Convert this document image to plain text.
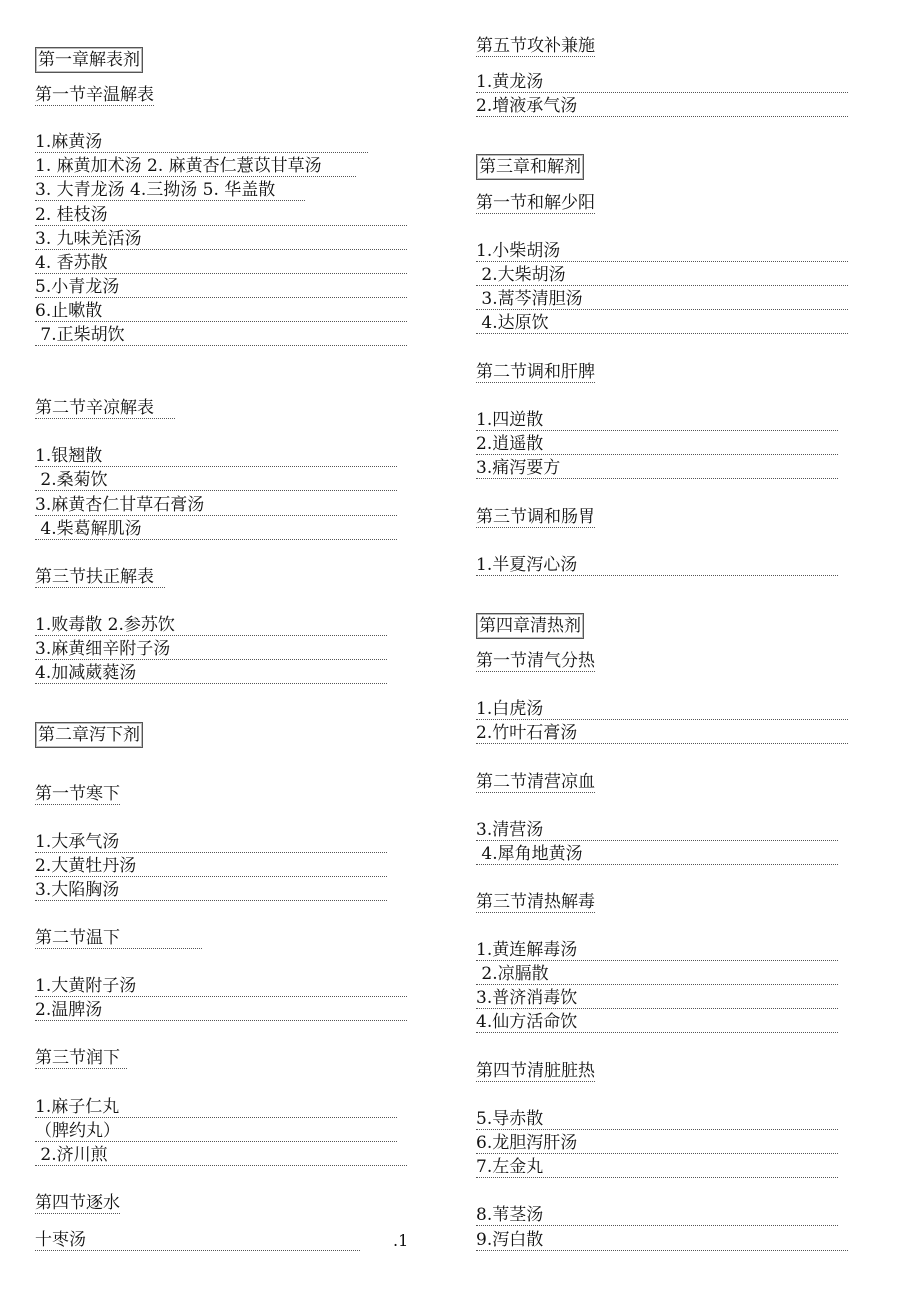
第一章解表剂
第一节辛温解表
1.麻黄汤
1. 麻黄加术汤 2. 麻黄杏仁薏苡甘草汤
3. 大青龙汤 4.三拗汤 5. 华盖散
2. 桂枝汤
3. 九味羌活汤
4. 香苏散
5.小青龙汤
6.止嗽散
7.正柴胡饮
第二节辛凉解表
1.银翘散
2.桑菊饮
3.麻黄杏仁甘草石膏汤
4.柴葛解肌汤
第三节扶正解表
1.败毒散 2.参苏饮
3.麻黄细辛附子汤
4.加减葳蕤汤
第二章泻下剂
第一节寒下
1.大承气汤
2.大黄牡丹汤
3.大陷胸汤
第二节温下
1.大黄附子汤
2.温脾汤
第三节润下
1.麻子仁丸
（脾约丸）
2.济川煎
第四节逐水
十枣汤
第五节攻补兼施
1.黄龙汤
2.增液承气汤
第三章和解剂
第一节和解少阳
1.小柴胡汤
2.大柴胡汤
3.蒿芩清胆汤
4.达原饮
第二节调和肝脾
1.四逆散
2.逍遥散
3.痛泻要方
第三节调和肠胃
1.半夏泻心汤
第四章清热剂
第一节清气分热
1.白虎汤
2.竹叶石膏汤
第二节清营凉血
3.清营汤
4.犀角地黄汤
第三节清热解毒
1.黄连解毒汤
2.凉膈散
3.普济消毒饮
4.仙方活命饮
第四节清脏脏热
5.导赤散
6.龙胆泻肝汤
7.左金丸
8.苇茎汤
9.泻白散
.1
